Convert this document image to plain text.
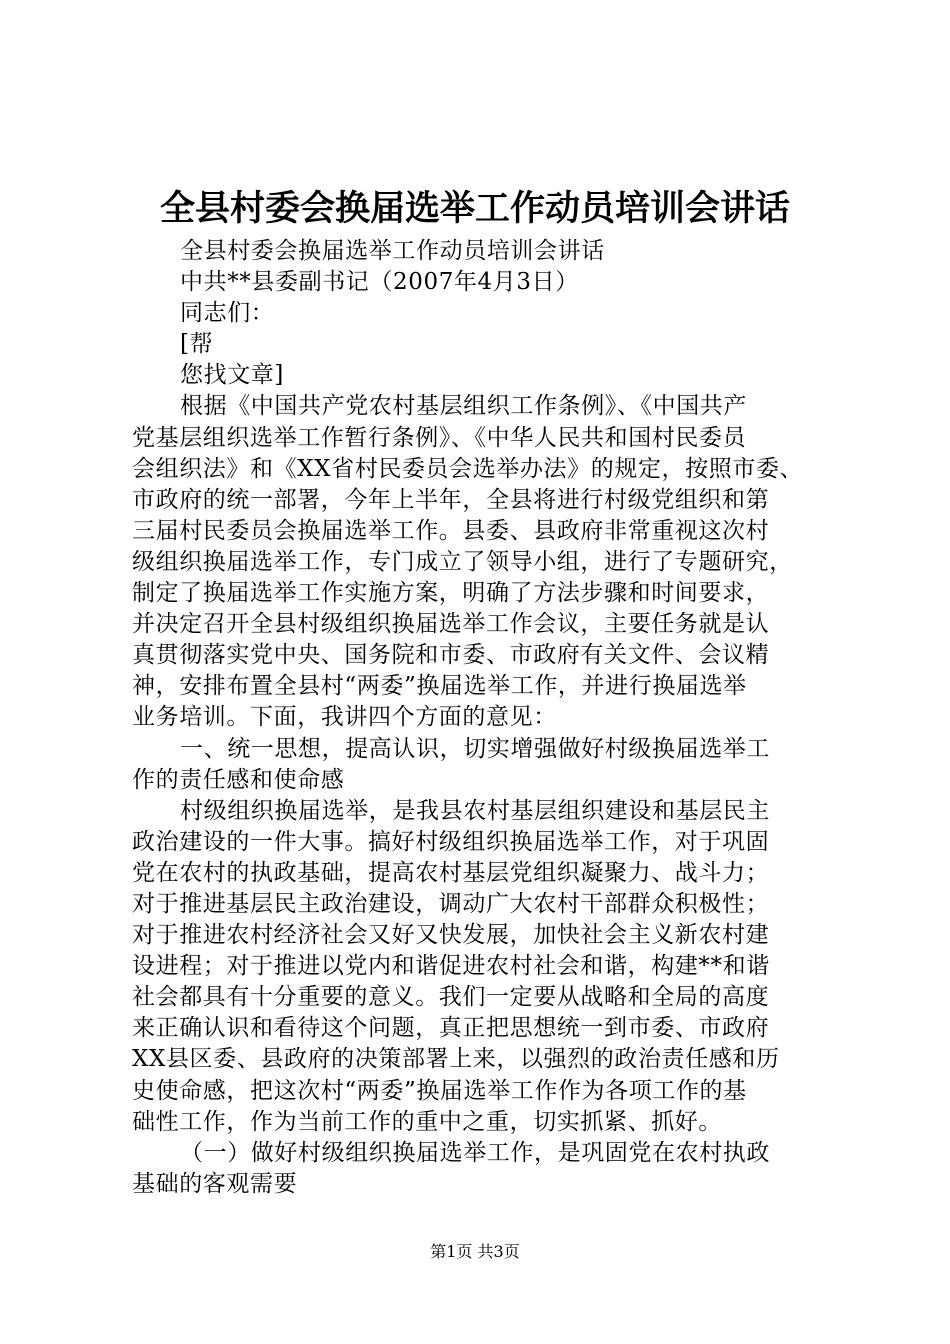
全县村委会换届选举工作动员培训会讲话
全县村委会换届选举工作动员培训会讲话
中共**县委副书记（2007年4月3日）
同志们：
[帮
您找文章]
根据《中国共产党农村基层组织工作条例》、《中国共产
党基层组织选举工作暂行条例》、《中华人民共和国村民委员
会组织法》和《XX省村民委员会选举办法》的规定，按照市委、
市政府的统一部署，今年上半年，全县将进行村级党组织和第
三届村民委员会换届选举工作。县委、县政府非常重视这次村
级组织换届选举工作，专门成立了领导小组，进行了专题研究，
制定了换届选举工作实施方案，明确了方法步骤和时间要求，
并决定召开全县村级组织换届选举工作会议，主要任务就是认
真贯彻落实党中央、国务院和市委、市政府有关文件、会议精
神，安排布置全县村“两委”换届选举工作，并进行换届选举
业务培训。下面，我讲四个方面的意见：
一、统一思想，提高认识，切实增强做好村级换届选举工
作的责任感和使命感
村级组织换届选举，是我县农村基层组织建设和基层民主
政治建设的一件大事。搞好村级组织换届选举工作，对于巩固
党在农村的执政基础，提高农村基层党组织凝聚力、战斗力；
对于推进基层民主政治建设，调动广大农村干部群众积极性；
对于推进农村经济社会又好又快发展，加快社会主义新农村建
设进程；对于推进以党内和谐促进农村社会和谐，构建**和谐
社会都具有十分重要的意义。我们一定要从战略和全局的高度
来正确认识和看待这个问题，真正把思想统一到市委、市政府
XX县区委、县政府的决策部署上来，以强烈的政治责任感和历
史使命感，把这次村“两委”换届选举工作作为各项工作的基
础性工作，作为当前工作的重中之重，切实抓紧、抓好。
（一）做好村级组织换届选举工作，是巩固党在农村执政
基础的客观需要
第1页 共3页
